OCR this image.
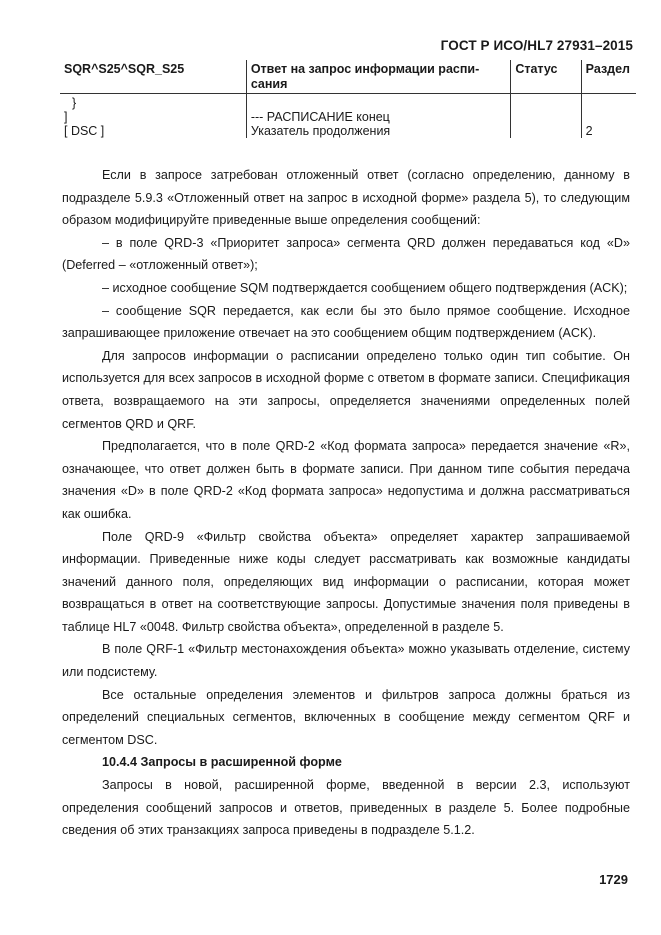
ГОСТ Р ИСО/HL7 27931–2015
SQR^S25^SQR_S25	Ответ на запрос информации распи-
сания	Статус	Раздел
}			
]	--- РАСПИСАНИЕ конец		
[ DSC ]	Указатель продолжения		2

Если в запросе затребован отложенный ответ (согласно определению, данному в подразделе 5.9.3 «Отложенный ответ на запрос в исходной форме» раздела 5), то следующим образом модифицируйте приведенные выше определения сообщений:

– в поле QRD-3 «Приоритет запроса» сегмента QRD должен передаваться код «D» (Deferred – «отложенный ответ»);

– исходное сообщение SQM подтверждается сообщением общего подтверждения (ACK);

– сообщение SQR передается, как если бы это было прямое сообщение. Исходное запрашивающее приложение отвечает на это сообщением общим подтверждением (ACK).

Для запросов информации о расписании определено только один тип событие. Он используется для всех запросов в исходной форме с ответом в формате записи. Спецификация ответа, возвращаемого на эти запросы, определяется значениями определенных полей сегментов QRD и QRF.

Предполагается, что в поле QRD-2 «Код формата запроса» передается значение «R», означающее, что ответ должен быть в формате записи. При данном типе события передача значения «D» в поле QRD-2 «Код формата запроса» недопустима и должна рассматриваться как ошибка.

Поле QRD-9 «Фильтр свойства объекта» определяет характер запрашиваемой информации. Приведенные ниже коды следует рассматривать как возможные кандидаты значений данного поля, определяющих вид информации о расписании, которая может возвращаться в ответ на соответствующие запросы. Допустимые значения поля приведены в таблице HL7 «0048. Фильтр свойства объекта», определенной в разделе 5.

В поле QRF-1 «Фильтр местонахождения объекта» можно указывать отделение, систему или подсистему.

Все остальные определения элементов и фильтров запроса должны браться из определений специальных сегментов, включенных в сообщение между сегментом QRF и сегментом DSC.

10.4.4 Запросы в расширенной форме

Запросы в новой, расширенной форме, введенной в версии 2.3, используют определения сообщений запросов и ответов, приведенных в разделе 5. Более подробные сведения об этих транзакциях запроса приведены в подразделе 5.1.2.

1729
